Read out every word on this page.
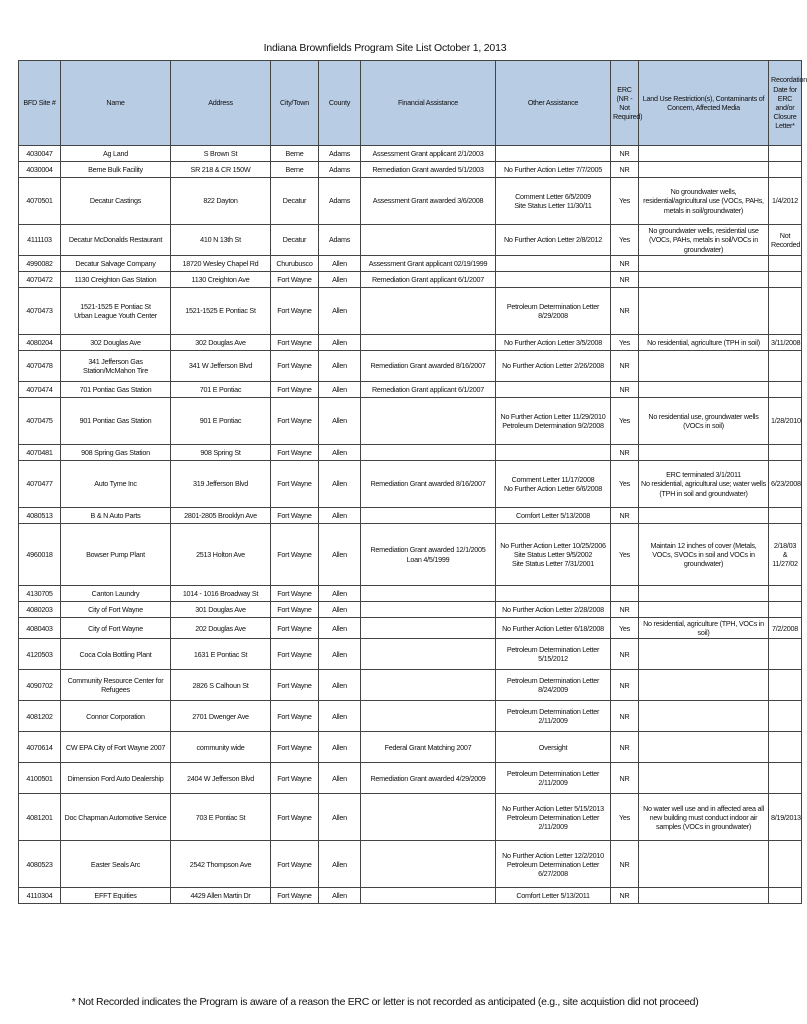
Indiana Brownfields Program Site List October 1, 2013
BFD Site #	Name	Address	City/Town	County	Financial Assistance	Other Assistance	ERC (NR - Not Required)	Land Use Restriction(s), Contaminants of Concern, Affected Media	Recordation Date for ERC and/or Closure Letter*
4030047	Ag Land	S Brown St	Berne	Adams	Assessment Grant applicant 2/1/2003		NR		
4030004	Berne Bulk Facility	SR 218 & CR 150W	Berne	Adams	Remediation Grant awarded 5/1/2003	No Further Action Letter 7/7/2005	NR		
4070501	Decatur Castings	822 Dayton	Decatur	Adams	Assessment Grant awarded 3/6/2008	Comment Letter 6/5/2009
Site Status Letter 11/30/11	Yes	No groundwater wells, residential/agricultural use (VOCs, PAHs, metals in soil/groundwater)	1/4/2012
4111103	Decatur McDonalds Restaurant	410 N 13th St	Decatur	Adams		No Further Action Letter 2/8/2012	Yes	No groundwater wells, residential use (VOCs, PAHs, metals in soil/VOCs in groundwater)	Not Recorded
4990082	Decatur Salvage Company	18720 Wesley Chapel Rd	Churubusco	Allen	Assessment Grant applicant 02/19/1999		NR		
4070472	1130 Creighton Gas Station	1130 Creighton Ave	Fort Wayne	Allen	Remediation Grant applicant 6/1/2007		NR		
4070473	1521-1525 E Pontiac St
Urban League Youth Center	1521-1525 E Pontiac St	Fort Wayne	Allen		Petroleum Determination Letter
8/29/2008	NR		
4080204	302 Douglas Ave	302 Douglas Ave	Fort Wayne	Allen		No Further Action Letter 3/5/2008	Yes	No residential, agriculture (TPH in soil)	3/11/2008
4070478	341 Jefferson Gas Station/McMahon Tire	341 W Jefferson Blvd	Fort Wayne	Allen	Remediation Grant awarded 8/16/2007	No Further Action Letter 2/26/2008	NR		
4070474	701 Pontiac Gas Station	701 E Pontiac	Fort Wayne	Allen	Remediation Grant applicant 6/1/2007		NR		
4070475	901 Pontiac Gas Station	901 E Pontiac	Fort Wayne	Allen		No Further Action Letter 11/29/2010
Petroleum Determination 9/2/2008	Yes	No residential use, groundwater wells (VOCs in soil)	1/28/2010
4070481	908 Spring Gas Station	908 Spring St	Fort Wayne	Allen			NR		
4070477	Auto Tyme Inc	319 Jefferson Blvd	Fort Wayne	Allen	Remediation Grant awarded 8/16/2007	Comment Letter 11/17/2008
No Further Action Letter 6/6/2008	Yes	ERC terminated 3/1/2011
No residential, agricultural use; water wells (TPH in soil and groundwater)	6/23/2008
4080513	B & N Auto Parts	2801-2805 Brooklyn Ave	Fort Wayne	Allen		Comfort Letter 5/13/2008	NR		
4960018	Bowser Pump Plant	2513 Holton Ave	Fort Wayne	Allen	Remediation Grant awarded 12/1/2005
Loan 4/5/1999	No Further Action Letter 10/25/2006
Site Status Letter 9/5/2002
Site Status Letter 7/31/2001	Yes	Maintain 12 inches of cover (Metals, VOCs, SVOCs in soil and VOCs in groundwater)	2/18/03 &
11/27/02
4130705	Canton Laundry	1014 - 1016 Broadway St	Fort Wayne	Allen					
4080203	City of Fort Wayne	301 Douglas Ave	Fort Wayne	Allen		No Further Action Letter 2/28/2008	NR		
4080403	City of Fort Wayne	202 Douglas Ave	Fort Wayne	Allen		No Further Action Letter 6/18/2008	Yes	No residential, agriculture (TPH, VOCs in soil)	7/2/2008
4120503	Coca Cola Bottling Plant	1631 E Pontiac St	Fort Wayne	Allen		Petroleum Determination Letter
5/15/2012	NR		
4090702	Community Resource Center for Refugees	2826 S Calhoun St	Fort Wayne	Allen		Petroleum Determination Letter
8/24/2009	NR		
4081202	Connor Corporation	2701 Dwenger Ave	Fort Wayne	Allen		Petroleum Determination Letter
2/11/2009	NR		
4070614	CW EPA City of Fort Wayne 2007	community wide	Fort Wayne	Allen	Federal Grant Matching 2007	Oversight	NR		
4100501	Dimension Ford Auto Dealership	2404 W Jefferson Blvd	Fort Wayne	Allen	Remediation Grant awarded 4/29/2009	Petroleum Determination Letter
2/11/2009	NR		
4081201	Doc Chapman Automotive Service	703 E Pontiac St	Fort Wayne	Allen		No Further Action Letter 5/15/2013
Petroleum Determination Letter
2/11/2009	Yes	No water well use and in affected area all new building must conduct indoor air samples (VOCs in groundwater)	8/19/2013
4080523	Easter Seals Arc	2542 Thompson Ave	Fort Wayne	Allen		No Further Action Letter 12/2/2010
Petroleum Determination Letter
6/27/2008	NR		
4110304	EFFT Equities	4429 Allen Martin Dr	Fort Wayne	Allen		Comfort Letter 5/13/2011	NR		
* Not Recorded indicates the Program is aware of a reason the ERC or letter is not recorded as anticipated (e.g., site acquistion did not proceed)
